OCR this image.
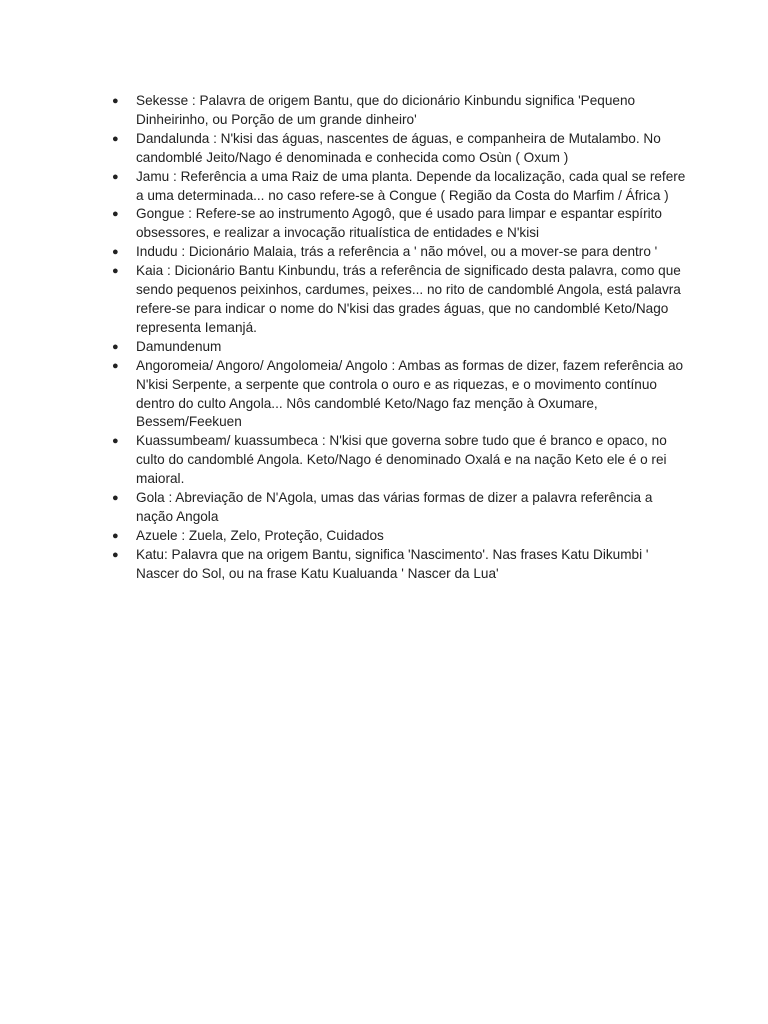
● Sekesse : Palavra de origem Bantu, que do dicionário Kinbundu significa 'Pequeno Dinheirinho, ou Porção de um grande dinheiro'
● Dandalunda : N'kisi das águas, nascentes de águas, e companheira de Mutalambo. No candomblé Jeito/Nago é denominada e conhecida como Osùn ( Oxum )
● Jamu : Referência a uma Raiz de uma planta. Depende da localização, cada qual se refere a uma determinada... no caso refere-se à Congue ( Região da Costa do Marfim / África )
● Gongue : Refere-se ao instrumento Agogô, que é usado para limpar e espantar espírito obsessores, e realizar a invocação ritualística de entidades e N'kisi
● Indudu : Dicionário Malaia, trás a referência a ' não móvel, ou a mover-se para dentro '
● Kaia : Dicionário Bantu Kinbundu, trás a referência de significado desta palavra, como que sendo pequenos peixinhos, cardumes, peixes... no rito de candomblé Angola, está palavra refere-se para indicar o nome do N'kisi das grades águas, que no candomblé Keto/Nago representa Iemanjá.
● Damundenum
● Angoromeia/ Angoro/ Angolomeia/ Angolo : Ambas as formas de dizer, fazem referência ao N'kisi Serpente, a serpente que controla o ouro e as riquezas, e o movimento contínuo dentro do culto Angola... Nôs candomblé Keto/Nago faz menção à Oxumare, Bessem/Feekuen
● Kuassumbeam/ kuassumbeca : N'kisi que governa sobre tudo que é branco e opaco, no culto do candomblé Angola. Keto/Nago é denominado Oxalá e na nação Keto ele é o rei maioral.
● Gola : Abreviação de N'Agola, umas das várias formas de dizer a palavra referência a nação Angola
● Azuele : Zuela, Zelo, Proteção, Cuidados
● Katu: Palavra que na origem Bantu, significa 'Nascimento'. Nas frases Katu Dikumbi ' Nascer do Sol, ou na frase Katu Kualuanda ' Nascer da Lua'
